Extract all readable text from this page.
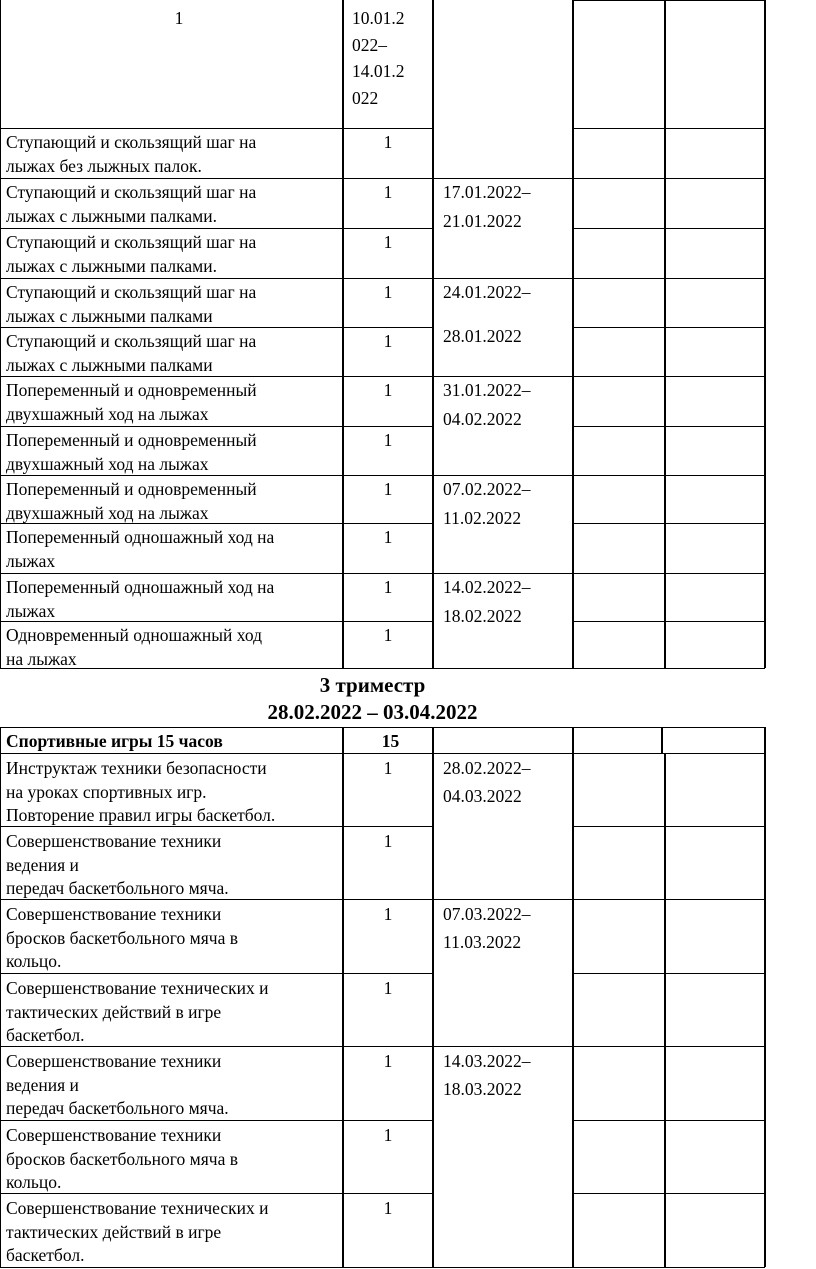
1	10.01.2
022–
14.01.2
022
Ступающий и скользящий шаг на
лыжах без лыжных палок.
1
Ступающий и скользящий шаг на
лыжах с лыжными палками.
1
Ступающий и скользящий шаг на
лыжах с лыжными палками.
1
Ступающий и скользящий шаг на
лыжах с лыжными палками
1
Ступающий и скользящий шаг на
лыжах с лыжными палками
1
Попеременный и одновременный
двухшажный ход на лыжах
1
Попеременный и одновременный
двухшажный ход на лыжах
1
Попеременный и одновременный
двухшажный ход на лыжах
1
Попеременный одношажный ход на
лыжах
1
Попеременный одношажный ход на
лыжах
1
Одновременный одношажный ход
на лыжах
1
17.01.2022–
21.01.2022
24.01.2022–
28.01.2022
31.01.2022–
04.02.2022
07.02.2022–
11.02.2022
14.02.2022–
18.02.2022
3 триместр
28.02.2022 – 03.04.2022
Спортивные игры 15 часов	15
Инструктаж техники безопасности
на уроках спортивных игр.
Повторение правил игры баскетбол.
1
Совершенствование техники
ведения и
передач баскетбольного мяча.
1
Совершенствование техники
бросков баскетбольного мяча в
кольцо.
1
Совершенствование технических и
тактических действий в игре
баскетбол.
1
Совершенствование техники
ведения и
передач баскетбольного мяча.
1
Совершенствование техники
бросков баскетбольного мяча в
кольцо.
1
Совершенствование технических и
тактических действий в игре
баскетбол.
1
28.02.2022–
04.03.2022
07.03.2022–
11.03.2022
14.03.2022–
18.03.2022
